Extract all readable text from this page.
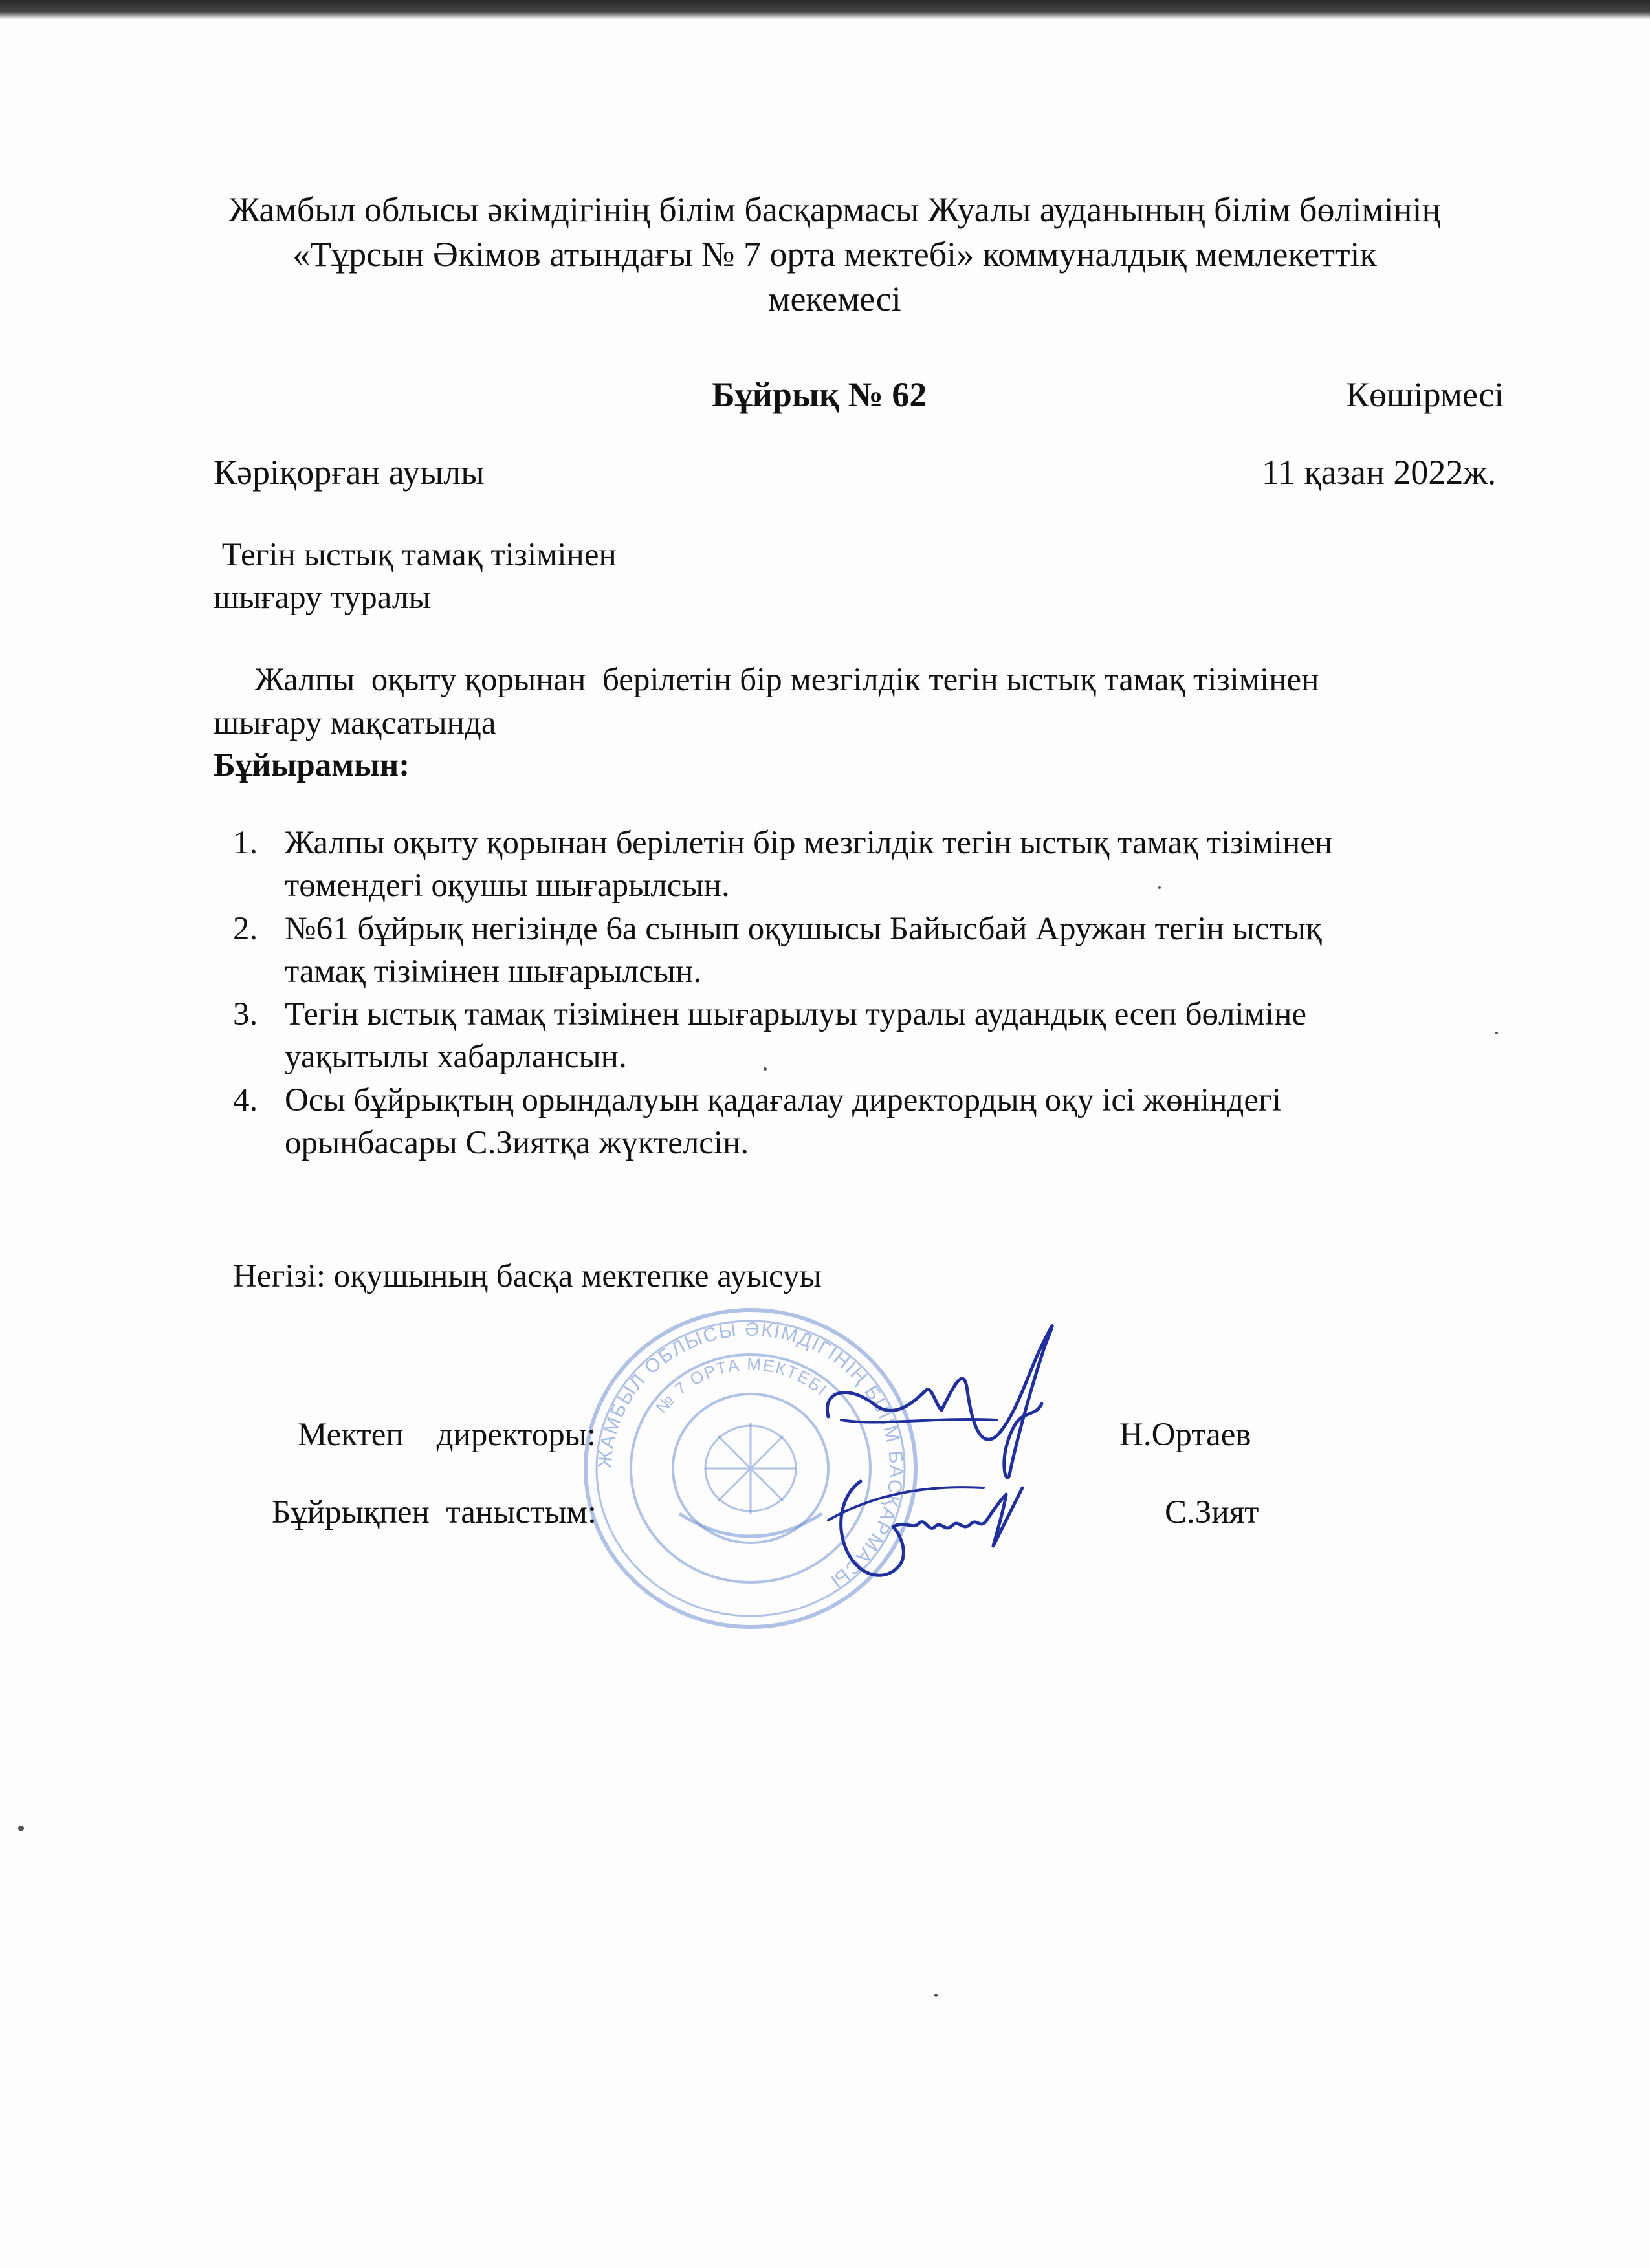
Жамбыл облысы әкімдігінің білім басқармасы Жуалы ауданының білім бөлімінің
«Тұрсын Әкімов атындағы № 7 орта мектебі» коммуналдық мемлекеттік
мекемесі
Бұйрық № 62	Көшірмесі
Кәріқорған ауылы	11 қазан 2022ж.
Тегін ыстық тамақ тізімінен
шығару туралы
Жалпы  оқыту қорынан  берілетін бір мезгілдік тегін ыстық тамақ тізімінен
шығару мақсатында
Бұйырамын:
1. Жалпы оқыту қорынан берілетін бір мезгілдік тегін ыстық тамақ тізімінен
төмендегі оқушы шығарылсын.
2. №61 бұйрық негізінде 6а сынып оқушысы Байысбай Аружан тегін ыстық
тамақ тізімінен шығарылсын.
3. Тегін ыстық тамақ тізімінен шығарылуы туралы аудандық есеп бөліміне
уақытылы хабарлансын.
4. Осы бұйрықтың орындалуын қадағалау директордың оқу ісі жөніндегі
орынбасары С.Зиятқа жүктелсін.
Негізі: оқушының басқа мектепке ауысуы
ЖАМБЫЛ ОБЛЫСЫ ӘКІМДІГІНІҢ БІЛІМ БАСҚАРМАСЫ
№ 7 ОРТА МЕКТЕБІ
Мектеп    директоры:	Н.Ортаев
Бұйрықпен  таныстым:	С.Зият
